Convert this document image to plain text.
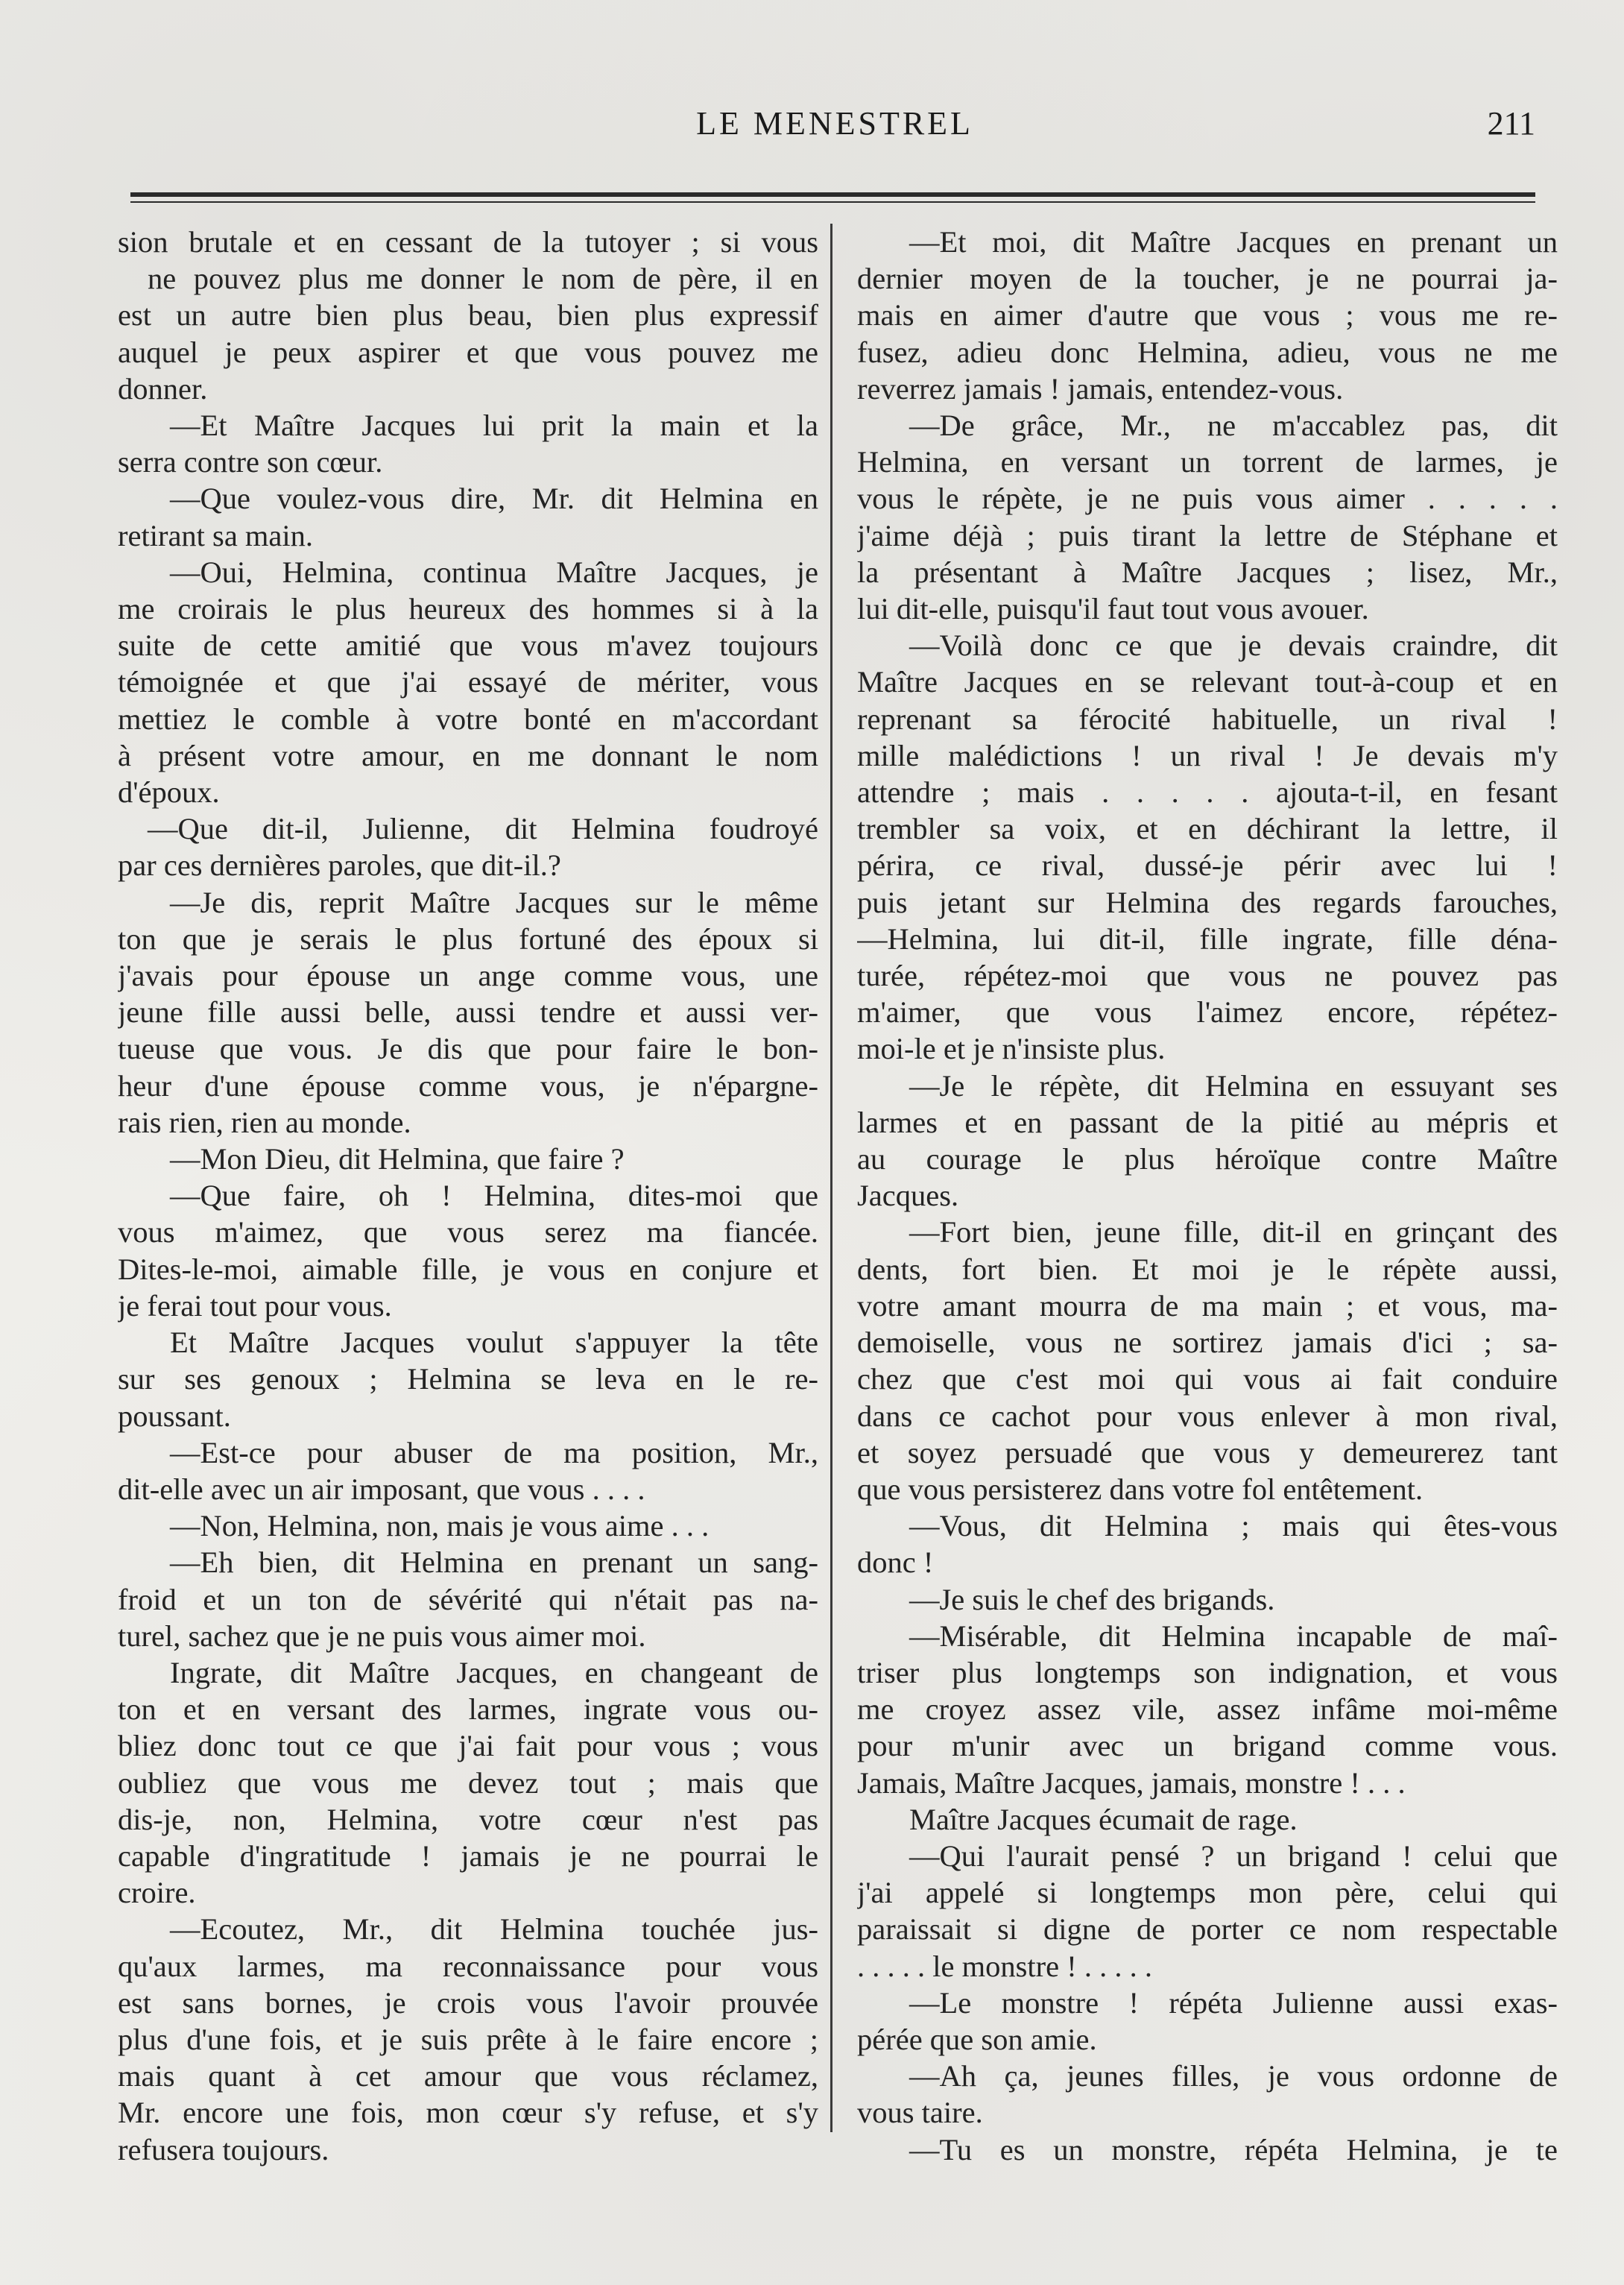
LE MENESTREL	211
sion brutale et en cessant de la tutoyer ; si vous
ne pouvez plus me donner le nom de père, il en
est un autre bien plus beau, bien plus expressif
auquel je peux aspirer et que vous pouvez me
donner.
—Et Maître Jacques lui prit la main et la
serra contre son cœur.
—Que voulez-vous dire, Mr. dit Helmina en
retirant sa main.
—Oui, Helmina, continua Maître Jacques, je
me croirais le plus heureux des hommes si à la
suite de cette amitié que vous m'avez toujours
témoignée et que j'ai essayé de mériter, vous
mettiez le comble à votre bonté en m'accordant
à présent votre amour, en me donnant le nom
d'époux.
—Que dit-il, Julienne, dit Helmina foudroyé
par ces dernières paroles, que dit-il.?
—Je dis, reprit Maître Jacques sur le même
ton que je serais le plus fortuné des époux si
j'avais pour épouse un ange comme vous, une
jeune fille aussi belle, aussi tendre et aussi ver-
tueuse que vous. Je dis que pour faire le bon-
heur d'une épouse comme vous, je n'épargne-
rais rien, rien au monde.
—Mon Dieu, dit Helmina, que faire ?
—Que faire, oh ! Helmina, dites-moi que
vous m'aimez, que vous serez ma fiancée.
Dites-le-moi, aimable fille, je vous en conjure et
je ferai tout pour vous.
Et Maître Jacques voulut s'appuyer la tête
sur ses genoux ; Helmina se leva en le re-
poussant.
—Est-ce pour abuser de ma position, Mr.,
dit-elle avec un air imposant, que vous . . . .
—Non, Helmina, non, mais je vous aime . . .
—Eh bien, dit Helmina en prenant un sang-
froid et un ton de sévérité qui n'était pas na-
turel, sachez que je ne puis vous aimer moi.
Ingrate, dit Maître Jacques, en changeant de
ton et en versant des larmes, ingrate vous ou-
bliez donc tout ce que j'ai fait pour vous ; vous
oubliez que vous me devez tout ; mais que
dis-je, non, Helmina, votre cœur n'est pas
capable d'ingratitude ! jamais je ne pourrai le
croire.
—Ecoutez, Mr., dit Helmina touchée jus-
qu'aux larmes, ma reconnaissance pour vous
est sans bornes, je crois vous l'avoir prouvée
plus d'une fois, et je suis prête à le faire encore ;
mais quant à cet amour que vous réclamez,
Mr. encore une fois, mon cœur s'y refuse, et s'y
refusera toujours.
—Et moi, dit Maître Jacques en prenant un
dernier moyen de la toucher, je ne pourrai ja-
mais en aimer d'autre que vous ; vous me re-
fusez, adieu donc Helmina, adieu, vous ne me
reverrez jamais ! jamais, entendez-vous.
—De grâce, Mr., ne m'accablez pas, dit
Helmina, en versant un torrent de larmes, je
vous le répète, je ne puis vous aimer . . . . .
j'aime déjà ; puis tirant la lettre de Stéphane et
la présentant à Maître Jacques ; lisez, Mr.,
lui dit-elle, puisqu'il faut tout vous avouer.
—Voilà donc ce que je devais craindre, dit
Maître Jacques en se relevant tout-à-coup et en
reprenant sa férocité habituelle, un rival !
mille malédictions ! un rival ! Je devais m'y
attendre ; mais . . . . . ajouta-t-il, en fesant
trembler sa voix, et en déchirant la lettre, il
périra, ce rival, dussé-je périr avec lui !
puis jetant sur Helmina des regards farouches,
—Helmina, lui dit-il, fille ingrate, fille déna-
turée, répétez-moi que vous ne pouvez pas
m'aimer, que vous l'aimez encore, répétez-
moi-le et je n'insiste plus.
—Je le répète, dit Helmina en essuyant ses
larmes et en passant de la pitié au mépris et
au courage le plus héroïque contre Maître
Jacques.
—Fort bien, jeune fille, dit-il en grinçant des
dents, fort bien. Et moi je le répète aussi,
votre amant mourra de ma main ; et vous, ma-
demoiselle, vous ne sortirez jamais d'ici ; sa-
chez que c'est moi qui vous ai fait conduire
dans ce cachot pour vous enlever à mon rival,
et soyez persuadé que vous y demeurerez tant
que vous persisterez dans votre fol entêtement.
—Vous, dit Helmina ; mais qui êtes-vous
donc !
—Je suis le chef des brigands.
—Misérable, dit Helmina incapable de maî-
triser plus longtemps son indignation, et vous
me croyez assez vile, assez infâme moi-même
pour m'unir avec un brigand comme vous.
Jamais, Maître Jacques, jamais, monstre ! . . .
Maître Jacques écumait de rage.
—Qui l'aurait pensé ? un brigand ! celui que
j'ai appelé si longtemps mon père, celui qui
paraissait si digne de porter ce nom respectable
. . . . . le monstre ! . . . . .
—Le monstre ! répéta Julienne aussi exas-
pérée que son amie.
—Ah ça, jeunes filles, je vous ordonne de
vous taire.
—Tu es un monstre, répéta Helmina, je te
